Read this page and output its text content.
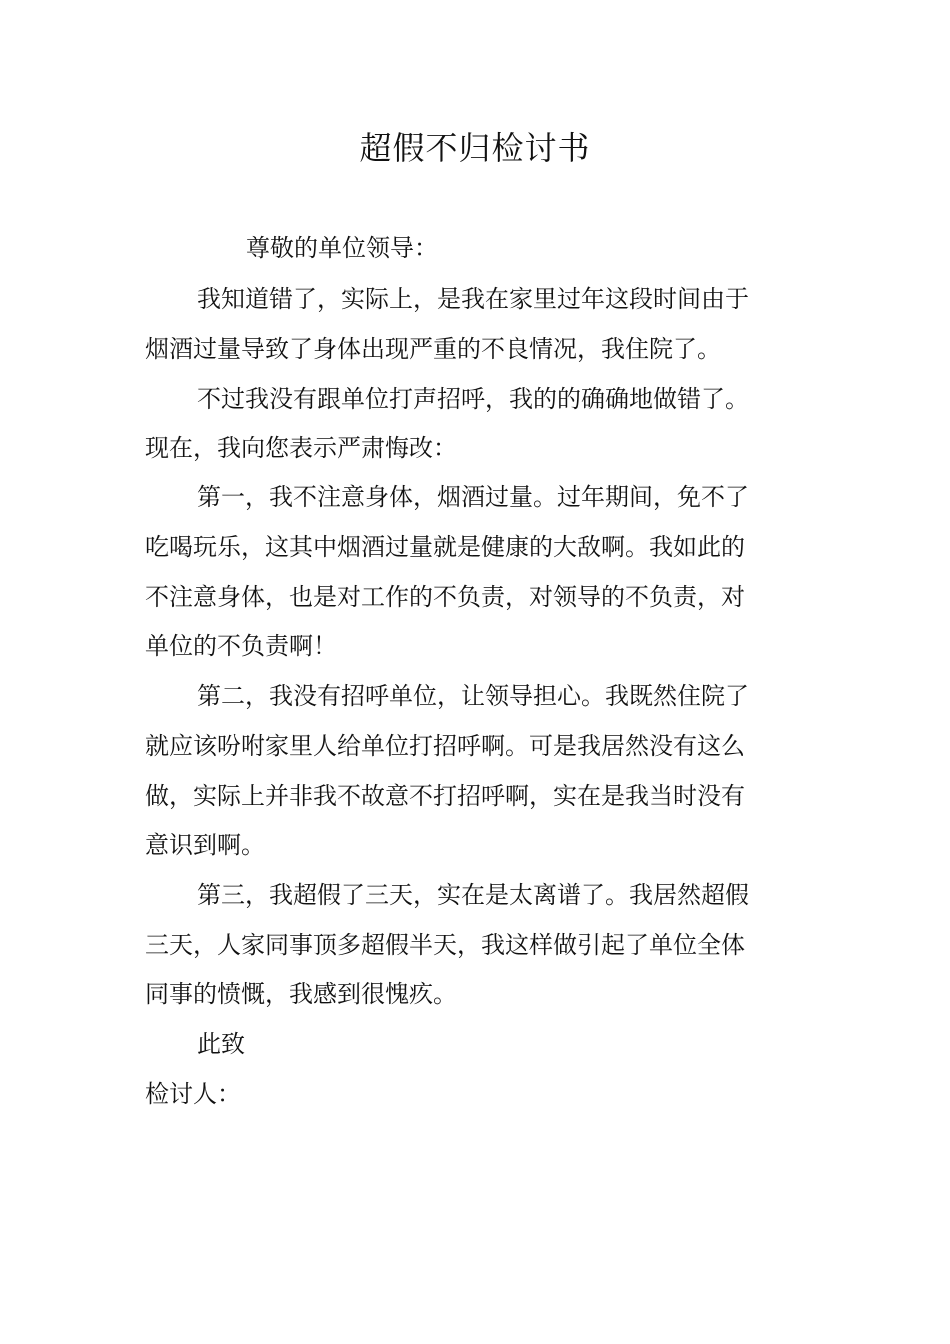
超假不归检讨书

尊敬的单位领导：

我知道错了，实际上，是我在家里过年这段时间由于

烟酒过量导致了身体出现严重的不良情况，我住院了。

不过我没有跟单位打声招呼，我的的确确地做错了。

现在，我向您表示严肃悔改：

第一，我不注意身体，烟酒过量。过年期间，免不了

吃喝玩乐，这其中烟酒过量就是健康的大敌啊。我如此的

不注意身体，也是对工作的不负责，对领导的不负责，对

单位的不负责啊！

第二，我没有招呼单位，让领导担心。我既然住院了

就应该吩咐家里人给单位打招呼啊。可是我居然没有这么

做，实际上并非我不故意不打招呼啊，实在是我当时没有

意识到啊。

第三，我超假了三天，实在是太离谱了。我居然超假

三天，人家同事顶多超假半天，我这样做引起了单位全体

同事的愤慨，我感到很愧疚。

此致

检讨人：
